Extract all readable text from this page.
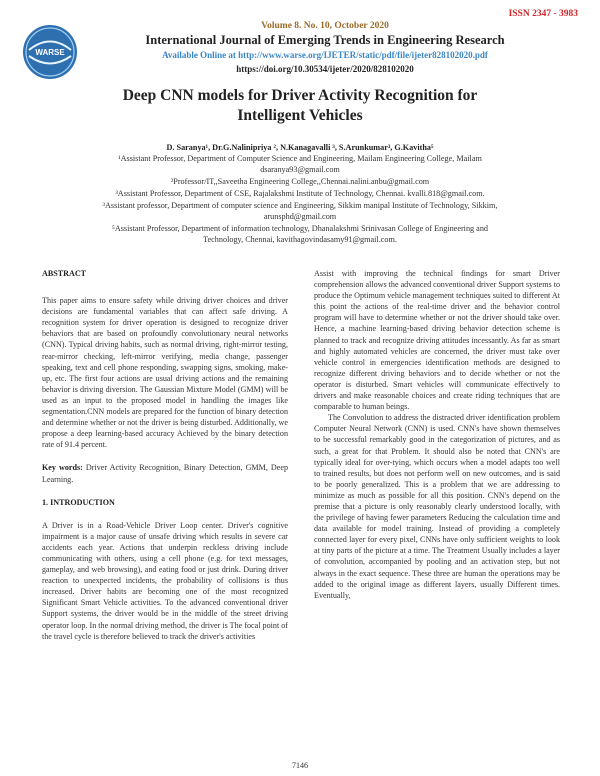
ISSN 2347 - 3983
WARSE
Volume 8. No. 10, October 2020
International Journal of Emerging Trends in Engineering Research
Available Online at http://www.warse.org/IJETER/static/pdf/file/ijeter828102020.pdf
https://doi.org/10.30534/ijeter/2020/828102020
Deep CNN models for Driver Activity Recognition for
Intelligent Vehicles
D. Saranya¹, Dr.G.Nalinipriya ², N.Kanagavalli ³, S.Arunkumar³, G.Kavitha⁵
¹Assistant Professor, Department of Computer Science and Engineering, Mailam Engineering College, Mailam
dsaranya93@gmail.com
²Professor/IT,,Saveetha Engineering College,,Chennai.nalini.anbu@gmail.com
³Assistant Professor, Department of CSE, Rajalakshmi Institute of Technology, Chennai. kvalli.818@gmail.com.
³Assistant professor, Department of computer science and Engineering, Sikkim manipal Institute of Technology, Sikkim,
arunsphd@gmail.com
⁵Assistant Professor, Department of information technology, Dhanalakshmi Srinivasan College of Engineering and
Technology, Chennai, kavithagovindasamy91@gmail.com.

ABSTRACT

This paper aims to ensure safety while driving driver choices and driver decisions are fundamental variables that can affect safe driving. A recognition system for driver operation is designed to recognize driver behaviors that are based on profoundly convolutionary neural networks (CNN). Typical driving habits, such as normal driving, right-mirror testing, rear-mirror checking, left-mirror verifying, media change, passenger speaking, text and cell phone responding, swapping signs, smoking, make-up, etc. The first four actions are usual driving actions and the remaining behavior is driving diversion. The Gaussian Mixture Model (GMM) will be used as an input to the proposed model in handling the images like segmentation.CNN models are prepared for the function of binary detection and determine whether or not the driver is being disturbed. Additionally, we propose a deep learning-based accuracy Achieved by the binary detection rate of 91.4 percent.

Key words: Driver Activity Recognition, Binary Detection, GMM, Deep Learning.

1. INTRODUCTION

A Driver is in a Road-Vehicle Driver Loop center. Driver's cognitive impairment is a major cause of unsafe driving which results in severe car accidents each year. Actions that underpin reckless driving include communicating with others, using a cell phone (e.g. for text messages, gameplay, and web browsing), and eating food or just drink. During driver reaction to unexpected incidents, the probability of collisions is thus increased. Driver habits are becoming one of the most recognized Significant Smart Vehicle activities. To the advanced conventional driver Support systems, the driver would be in the middle of the street driving operator loop. In the normal driving method, the driver is The focal point of the travel cycle is therefore believed to track the driver's activities

Assist with improving the technical findings for smart Driver comprehension allows the advanced conventional driver Support systems to produce the Optimum vehicle management techniques suited to different At this point the actions of the real-time driver and the behavior control program will have to determine whether or not the driver should take over. Hence, a machine learning-based driving behavior detection scheme is planned to track and recognize driving attitudes incessantly. As far as smart and highly automated vehicles are concerned, the driver must take over vehicle control in emergencies identification methods are designed to recognize different driving behaviors and to decide whether or not the operator is disturbed. Smart vehicles will communicate effectively to drivers and make reasonable choices and create riding techniques that are comparable to human beings.

The Convolution to address the distracted driver identification problem Computer Neural Network (CNN) is used. CNN's have shown themselves to be successful remarkably good in the categorization of pictures, and as such, a great for that Problem. It should also be noted that CNN's are typically ideal for over-tying, which occurs when a model adapts too well to trained results, but does not perform well on new outcomes, and is said to be poorly generalized. This is a problem that we are addressing to minimize as much as possible for all this position. CNN's depend on the premise that a picture is only reasonably clearly understood locally, with the privilege of having fewer parameters Reducing the calculation time and data available for model training. Instead of providing a completely connected layer for every pixel, CNNs have only sufficient weights to look at tiny parts of the picture at a time. The Treatment Usually includes a layer of convolution, accompanied by pooling and an activation step, but not always in the exact sequence. These three are human the operations may be added to the original image as different layers, usually Different times. Eventually,

7146
